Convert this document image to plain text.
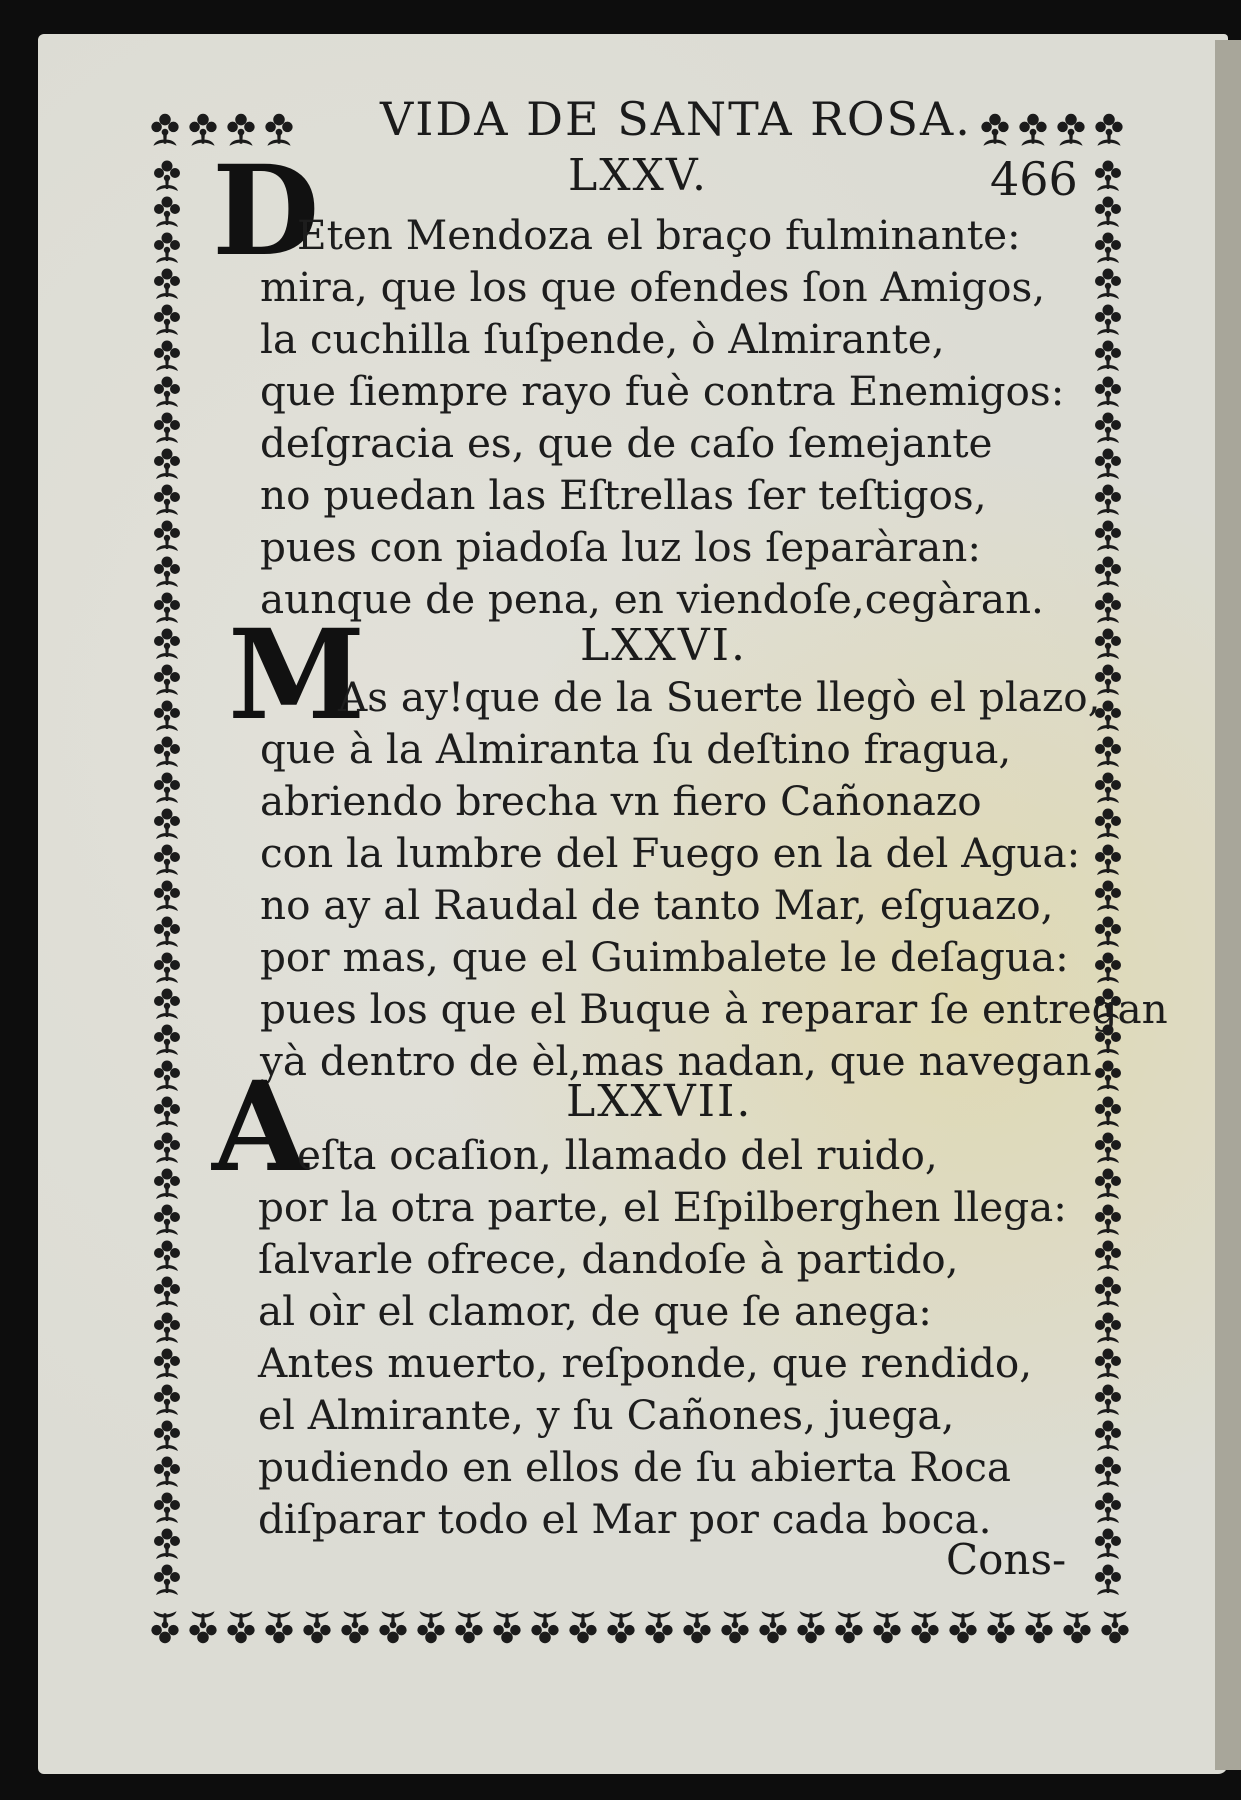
VIDA DE SANTA ROSA.
466
LXXV.
D
Eten Mendoza el braço fulminante:
mira, que los que ofendes ſon Amigos,
la cuchilla ſuſpende, ò Almirante,
que ſiempre rayo fuè contra Enemigos:
deſgracia es, que de caſo ſemejante
no puedan las Eſtrellas ſer teſtigos,
pues con piadoſa luz los ſeparàran:
aunque de pena, en viendoſe,cegàran.
LXXVI.
M
As ay!que de la Suerte llegò el plazo,
que à la Almiranta ſu deſtino fragua,
abriendo brecha vn fiero Cañonazo
con la lumbre del Fuego en la del Agua:
no ay al Raudal de tanto Mar, eſguazo,
por mas, que el Guimbalete le deſagua:
pues los que el Buque à reparar ſe entregan
yà dentro de èl,mas nadan, que navegan.
LXXVII.
A
eſta ocaſion, llamado del ruido,
por la otra parte, el Eſpilberghen llega:
ſalvarle ofrece, dandoſe à partido,
al oìr el clamor, de que ſe anega:
Antes muerto, reſponde, que rendido,
el Almirante, y ſu Cañones, juega,
pudiendo en ellos de ſu abierta Roca
diſparar todo el Mar por cada boca.
Cons-
